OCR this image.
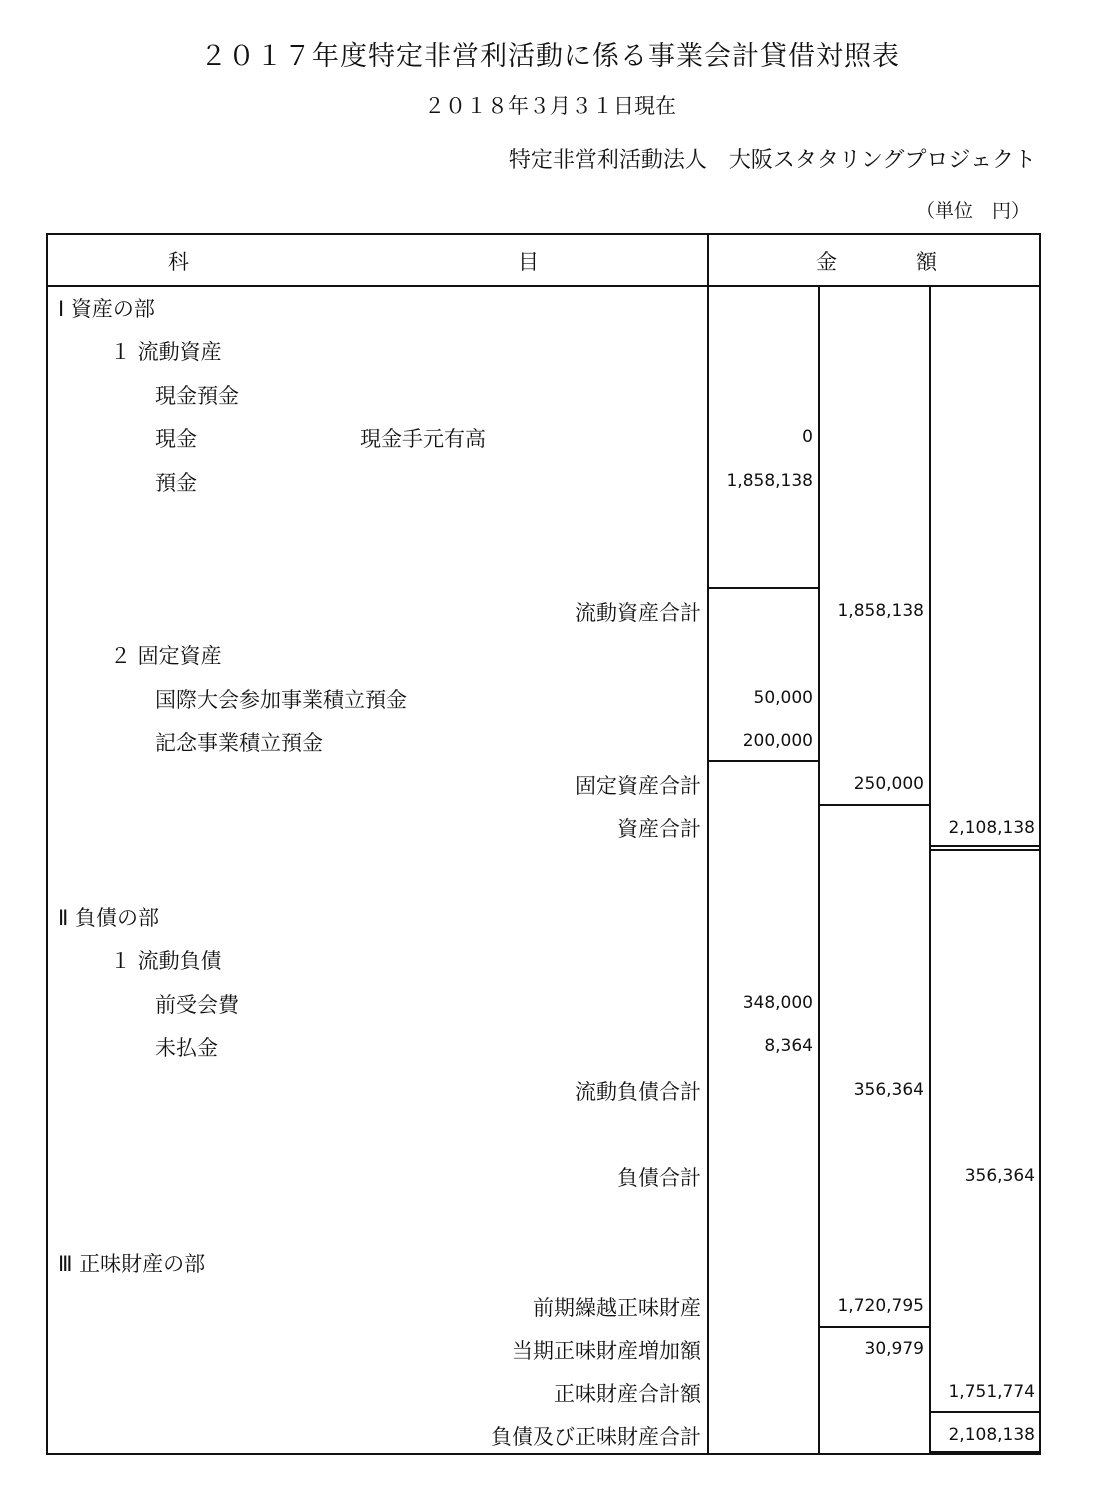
２０１７年度特定非営利活動に係る事業会計貸借対照表
２０１８年３月３１日現在
特定非営利活動法人　大阪スタタリングプロジェクト
（単位　円）
科	目	金	額
Ⅰ 資産の部
１ 流動資産
現金預金
現金	現金手元有高	0
預金	1,858,138
流動資産合計	1,858,138
２ 固定資産
国際大会参加事業積立預金	50,000
記念事業積立預金	200,000
固定資産合計	250,000
資産合計	2,108,138
Ⅱ 負債の部
１ 流動負債
前受会費	348,000
未払金	8,364
流動負債合計	356,364
負債合計	356,364
Ⅲ 正味財産の部
前期繰越正味財産	1,720,795
当期正味財産増加額	30,979
正味財産合計額	1,751,774
負債及び正味財産合計	2,108,138
